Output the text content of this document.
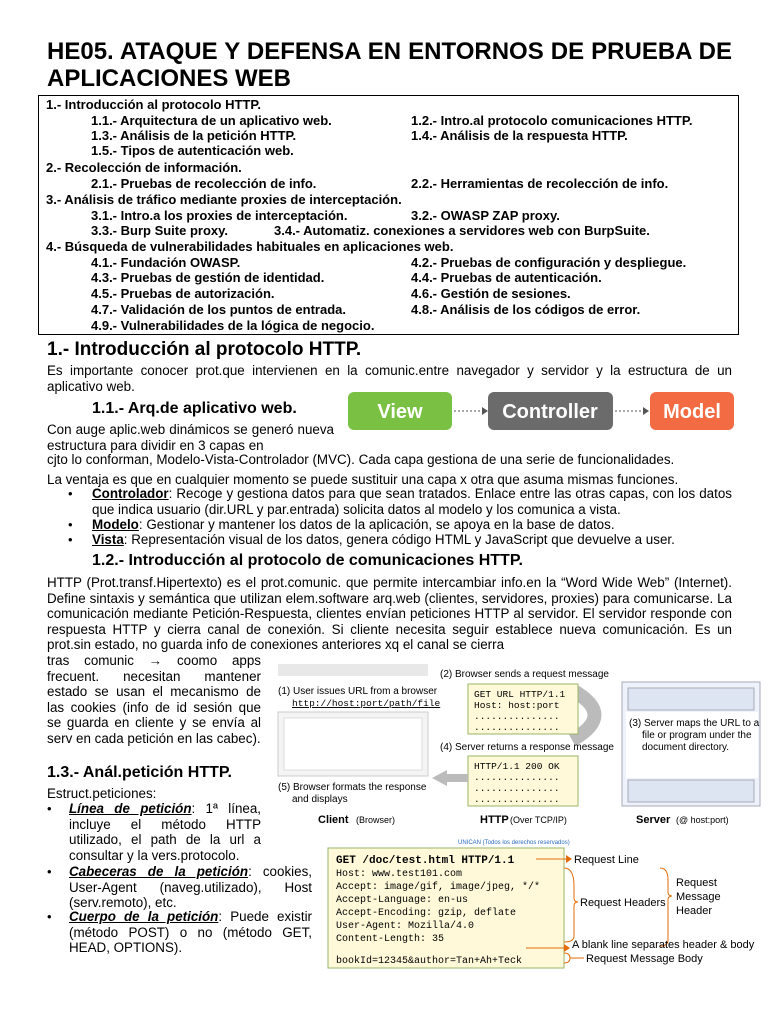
HE05. ATAQUE Y DEFENSA EN ENTORNOS DE PRUEBA DE APLICACIONES WEB
1.- Introducción al protocolo HTTP.
1.1.- Arquitectura de un aplicativo web.	1.2.- Intro.al protocolo comunicaciones HTTP.
1.3.- Análisis de la petición HTTP.	1.4.- Análisis de la respuesta HTTP.
1.5.- Tipos de autenticación web.
2.- Recolección de información.
2.1.- Pruebas de recolección de info.	2.2.- Herramientas de recolección de info.
3.- Análisis de tráfico mediante proxies de interceptación.
3.1.- Intro.a los proxies de interceptación.	3.2.- OWASP ZAP proxy.
3.3.- Burp Suite proxy.	3.4.- Automatiz. conexiones a servidores web con BurpSuite.
4.- Búsqueda de vulnerabilidades habituales en aplicaciones web.
4.1.- Fundación OWASP.	4.2.- Pruebas de configuración y despliegue.
4.3.- Pruebas de gestión de identidad.	4.4.- Pruebas de autenticación.
4.5.- Pruebas de autorización.	4.6.- Gestión de sesiones.
4.7.- Validación de los puntos de entrada.	4.8.- Análisis de los códigos de error.
4.9.- Vulnerabilidades de la lógica de negocio.
1.- Introducción al protocolo HTTP.
Es importante conocer prot.que intervienen en la comunic.entre navegador y servidor y la estructura de un aplicativo web.
1.1.- Arq.de aplicativo web.	View	Controller	Model
Con auge aplic.web dinámicos se generó nueva estructura para dividir en 3 capas en
cjto lo conforman, Modelo-Vista-Controlador (MVC). Cada capa gestiona de una serie de funcionalidades.
La ventaja es que en cualquier momento se puede sustituir una capa x otra que asuma mismas funciones.
• Controlador: Recoge y gestiona datos para que sean tratados. Enlace entre las otras capas, con los datos que indica usuario (dir.URL y par.entrada) solicita datos al modelo y los comunica a vista.
• Modelo: Gestionar y mantener los datos de la aplicación, se apoya en la base de datos.
• Vista: Representación visual de los datos, genera código HTML y JavaScript que devuelve a user.
1.2.- Introducción al protocolo de comunicaciones HTTP.
HTTP (Prot.transf.Hipertexto) es el prot.comunic. que permite intercambiar info.en la “Word Wide Web” (Internet). Define sintaxis y semántica que utilizan elem.software arq.web (clientes, servidores, proxies) para comunicarse. La comunicación mediante Petición-Respuesta, clientes envían peticiones HTTP al servidor. El servidor responde con respuesta HTTP y cierra canal de conexión. Si cliente necesita seguir establece nueva comunicación. Es un prot.sin estado, no guarda info de conexiones anteriores xq el canal se cierra
tras comunic → coomo apps frecuent. necesitan mantener estado se usan el mecanismo de las cookies (info de id sesión que se guarda en cliente y se envía al serv en cada petición en las cabec).
1.3.- Anál.petición HTTP.
Estruct.peticiones:
• Línea de petición: 1ª línea, incluye el método HTTP utilizado, el path de la url a consultar y la vers.protocolo.
• Cabeceras de la petición: cookies, User-Agent (naveg.utilizado), Host (serv.remoto), etc.
• Cuerpo de la petición: Puede existir (método POST) o no (método GET, HEAD, OPTIONS).
(1) User issues URL from a browser
http://host:port/path/file
(5) Browser formats the response
and displays
(2) Browser sends a request message
GET URL HTTP/1.1
Host: host:port
...............
...............
(4) Server returns a response message
HTTP/1.1 200 OK
...............
...............
...............
(3) Server maps the URL to a
file or program under the
document directory.
Client (Browser)	HTTP (Over TCP/IP)	Server (@ host:port)
UNICAN (Todos los derechos reservados)
GET /doc/test.html HTTP/1.1
Host: www.test101.com
Accept: image/gif, image/jpeg, */*
Accept-Language: en-us
Accept-Encoding: gzip, deflate
User-Agent: Mozilla/4.0
Content-Length: 35
bookId=12345&author=Tan+Ah+Teck
Request Line
Request Headers
Request
Message
Header
A blank line separates header & body
Request Message Body
